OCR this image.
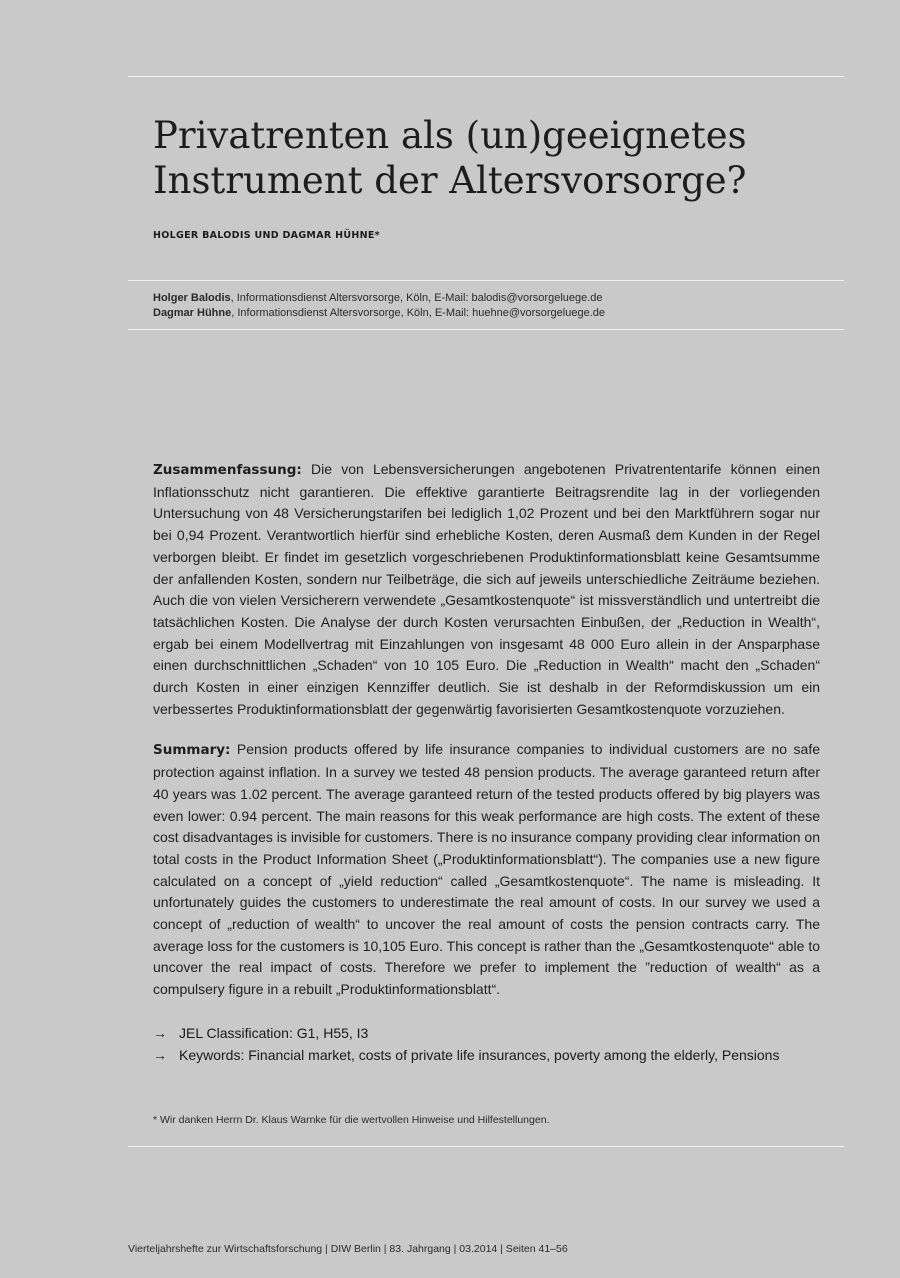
Privatrenten als (un)geeignetes Instrument der Altersvorsorge?
HOLGER BALODIS UND DAGMAR HÜHNE*
Holger Balodis, Informationsdienst Altersvorsorge, Köln, E-Mail: balodis@vorsorgeluege.de
Dagmar Hühne, Informationsdienst Altersvorsorge, Köln, E-Mail: huehne@vorsorgeluege.de

Zusammenfassung: Die von Lebensversicherungen angebotenen Privatrententarife können einen Inflationsschutz nicht garantieren. Die effektive garantierte Beitragsrendite lag in der vorliegenden Untersuchung von 48 Versicherungstarifen bei lediglich 1,02 Prozent und bei den Marktführern sogar nur bei 0,94 Prozent. Verantwortlich hierfür sind erhebliche Kosten, deren Ausmaß dem Kunden in der Regel verborgen bleibt. Er findet im gesetzlich vorgeschriebenen Produktinformationsblatt keine Gesamtsumme der anfallenden Kosten, sondern nur Teilbeträge, die sich auf jeweils unterschiedliche Zeiträume beziehen. Auch die von vielen Versicherern verwendete „Gesamtkostenquote“ ist missverständlich und untertreibt die tatsächlichen Kosten. Die Analyse der durch Kosten verursachten Einbußen, der „Reduction in Wealth“, ergab bei einem Modellvertrag mit Einzahlungen von insgesamt 48 000 Euro allein in der Ansparphase einen durchschnittlichen „Schaden“ von 10 105 Euro. Die „Reduction in Wealth“ macht den „Schaden“ durch Kosten in einer einzigen Kennziffer deutlich. Sie ist deshalb in der Reformdiskussion um ein verbessertes Produktinformationsblatt der gegenwärtig favorisierten Gesamtkostenquote vorzuziehen.

Summary: Pension products offered by life insurance companies to individual customers are no safe protection against inflation. In a survey we tested 48 pension products. The average garanteed return after 40 years was 1.02 percent. The average garanteed return of the tested products offered by big players was even lower: 0.94 percent. The main reasons for this weak performance are high costs. The extent of these cost disadvantages is invisible for customers. There is no insurance company providing clear information on total costs in the Product Information Sheet („Produktinformationsblatt“). The companies use a new figure calculated on a concept of „yield reduction“ called „Gesamtkostenquote“. The name is misleading. It unfortunately guides the customers to underestimate the real amount of costs. In our survey we used a concept of „reduction of wealth“ to uncover the real amount of costs the pension contracts carry. The average loss for the customers is 10,105 Euro. This concept is rather than the „Gesamtkostenquote“ able to uncover the real impact of costs. Therefore we prefer to implement the ”reduction of wealth“ as a compulsery figure in a rebuilt „Produktinformationsblatt“.

→ JEL Classification: G1, H55, I3
→ Keywords: Financial market, costs of private life insurances, poverty among the elderly, Pensions
* Wir danken Herrn Dr. Klaus Warnke für die wertvollen Hinweise und Hilfestellungen.
Vierteljahrshefte zur Wirtschaftsforschung | DIW Berlin | 83. Jahrgang | 03.2014 | Seiten 41–56
